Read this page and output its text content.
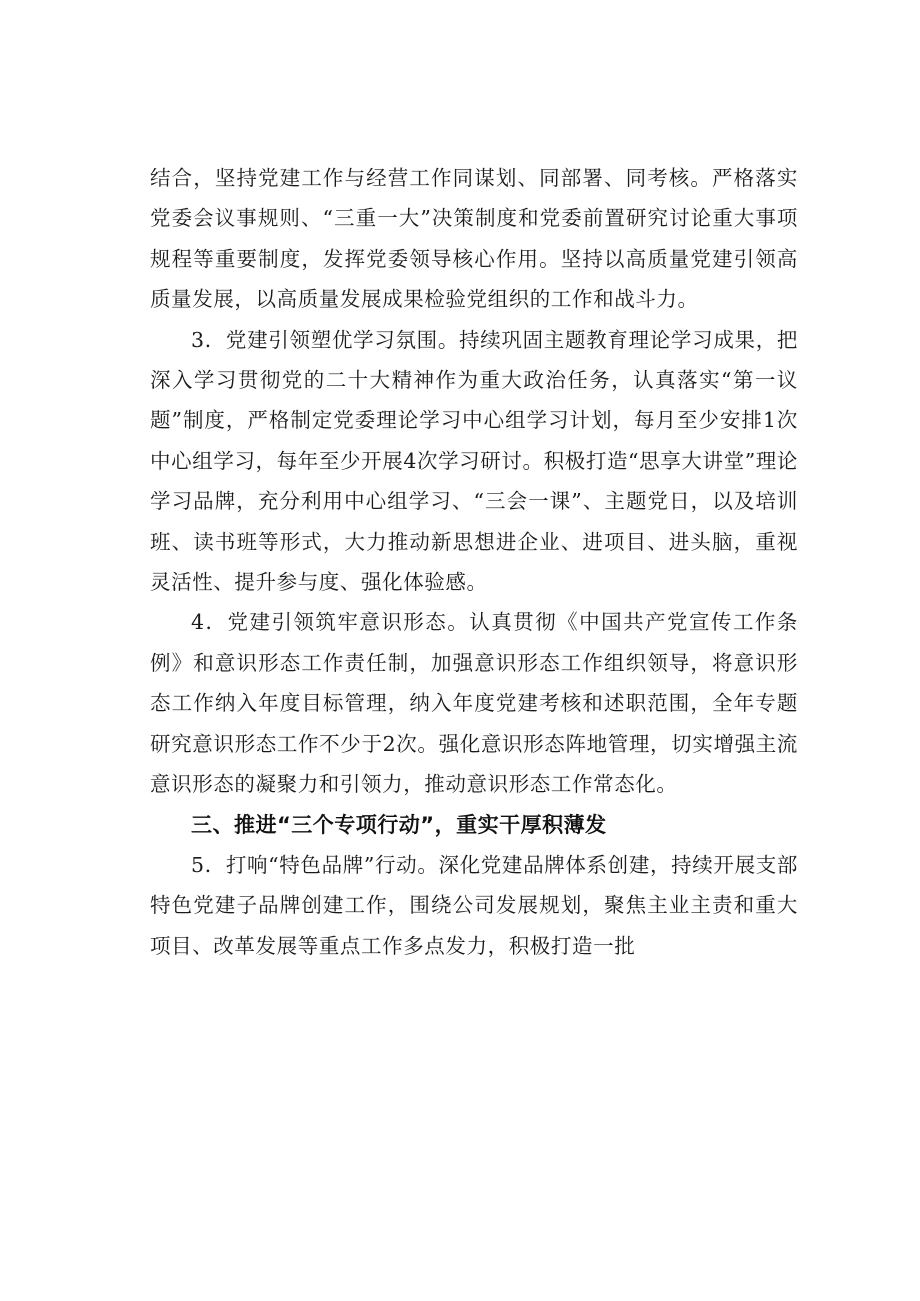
结合，坚持党建工作与经营工作同谋划、同部署、同考核。严格落实党委会议事规则、“三重一大”决策制度和党委前置研究讨论重大事项规程等重要制度，发挥党委领导核心作用。坚持以高质量党建引领高质量发展，以高质量发展成果检验党组织的工作和战斗力。

3．党建引领塑优学习氛围。持续巩固主题教育理论学习成果，把深入学习贯彻党的二十大精神作为重大政治任务，认真落实“第一议题”制度，严格制定党委理论学习中心组学习计划，每月至少安排1次中心组学习，每年至少开展4次学习研讨。积极打造“思享大讲堂”理论学习品牌，充分利用中心组学习、“三会一课”、主题党日，以及培训班、读书班等形式，大力推动新思想进企业、进项目、进头脑，重视灵活性、提升参与度、强化体验感。

4．党建引领筑牢意识形态。认真贯彻《中国共产党宣传工作条例》和意识形态工作责任制，加强意识形态工作组织领导，将意识形态工作纳入年度目标管理，纳入年度党建考核和述职范围，全年专题研究意识形态工作不少于2次。强化意识形态阵地管理，切实增强主流意识形态的凝聚力和引领力，推动意识形态工作常态化。

三、推进“三个专项行动”，重实干厚积薄发

5．打响“特色品牌”行动。深化党建品牌体系创建，持续开展支部特色党建子品牌创建工作，围绕公司发展规划，聚焦主业主责和重大项目、改革发展等重点工作多点发力，积极打造一批
